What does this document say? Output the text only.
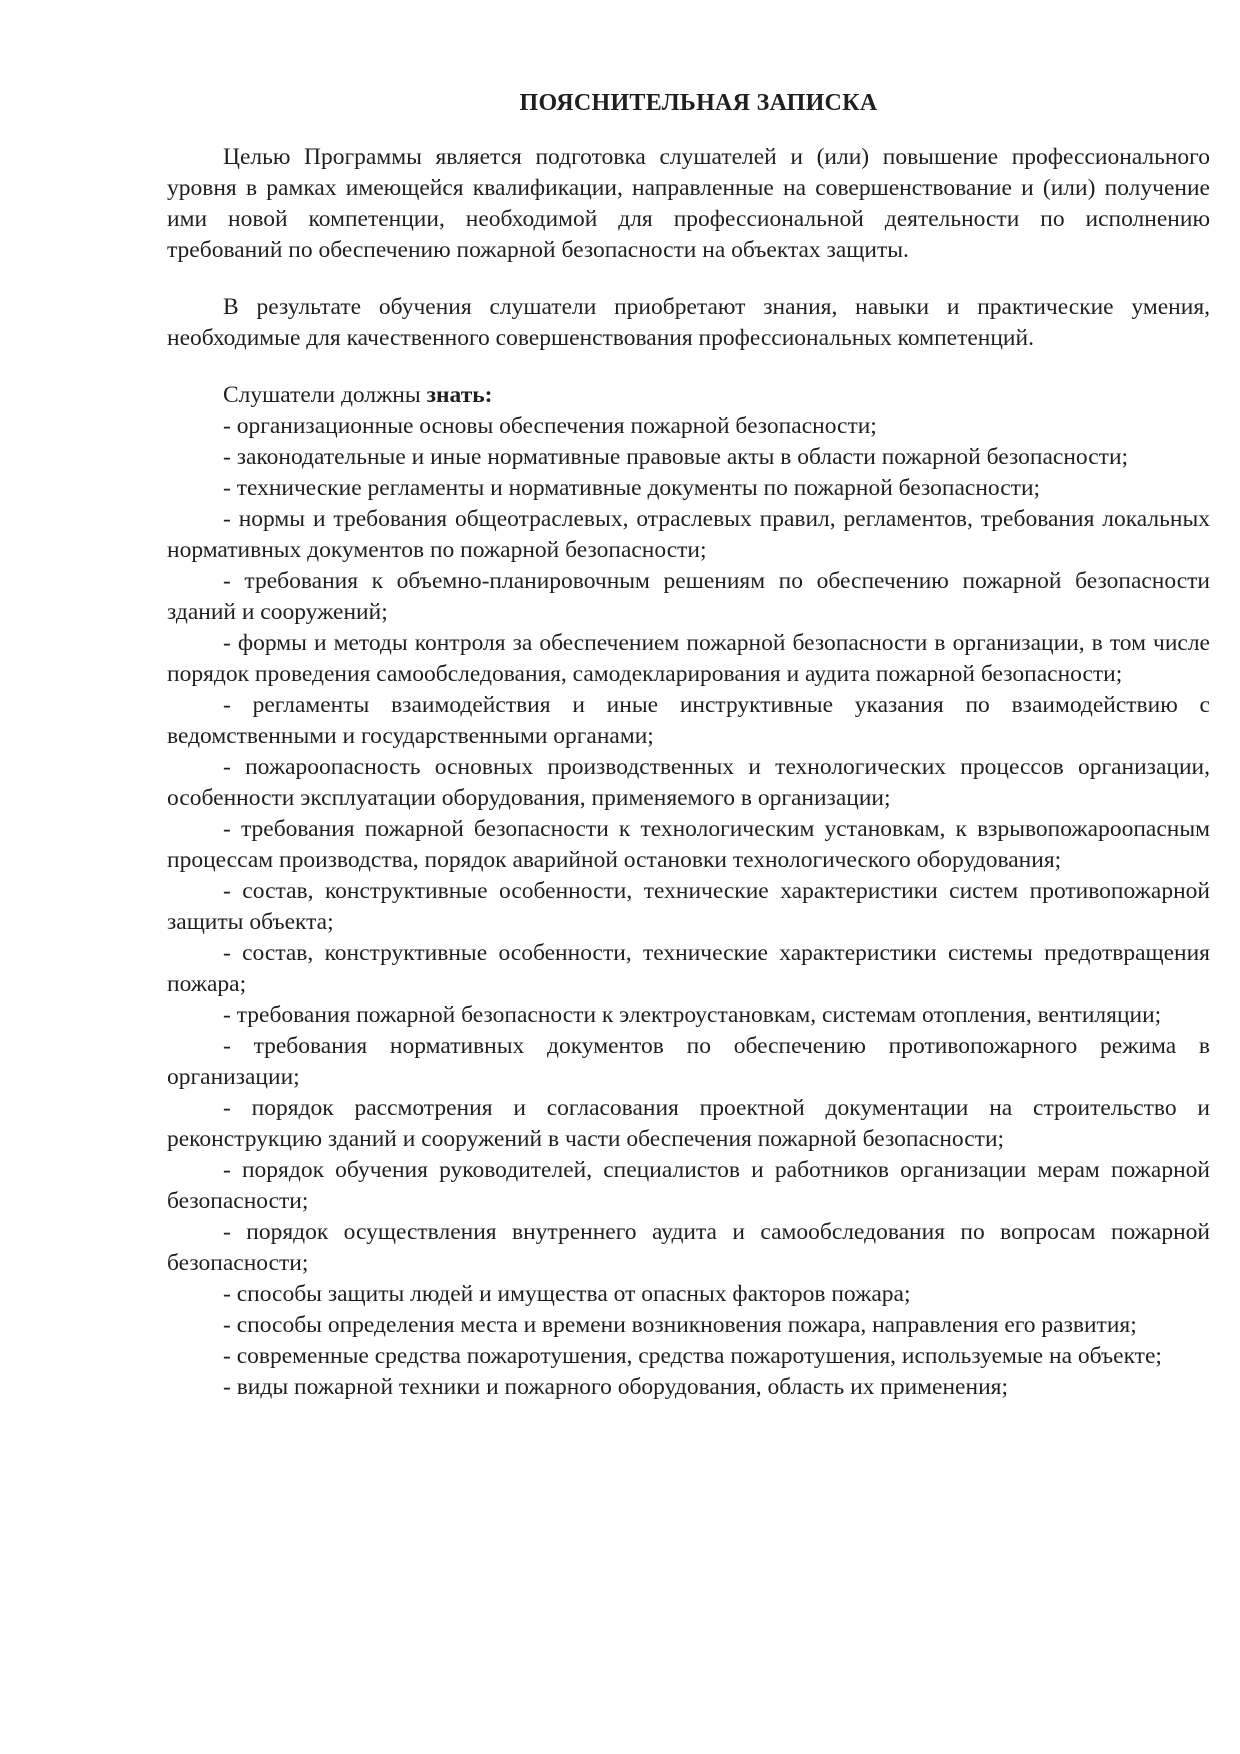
ПОЯСНИТЕЛЬНАЯ ЗАПИСКА

Целью Программы является подготовка слушателей и (или) повышение профессионального уровня в рамках имеющейся квалификации, направленные на совершенствование и (или) получение ими новой компетенции, необходимой для профессиональной деятельности по исполнению требований по обеспечению пожарной безопасности на объектах защиты.

В результате обучения слушатели приобретают знания, навыки и практические умения, необходимые для качественного совершенствования профессиональных компетенций.

Слушатели должны знать:

- организационные основы обеспечения пожарной безопасности;

- законодательные и иные нормативные правовые акты в области пожарной безопасности;

- технические регламенты и нормативные документы по пожарной безопасности;

- нормы и требования общеотраслевых, отраслевых правил, регламентов, требования локальных нормативных документов по пожарной безопасности;

- требования к объемно-планировочным решениям по обеспечению пожарной безопасности зданий и сооружений;

- формы и методы контроля за обеспечением пожарной безопасности в организации, в том числе порядок проведения самообследования, самодекларирования и аудита пожарной безопасности;

- регламенты взаимодействия и иные инструктивные указания по взаимодействию с ведомственными и государственными органами;

- пожароопасность основных производственных и технологических процессов организации, особенности эксплуатации оборудования, применяемого в организации;

- требования пожарной безопасности к технологическим установкам, к взрывопожароопасным процессам производства, порядок аварийной остановки технологического оборудования;

- состав, конструктивные особенности, технические характеристики систем противопожарной защиты объекта;

- состав, конструктивные особенности, технические характеристики системы предотвращения пожара;

- требования пожарной безопасности к электроустановкам, системам отопления, вентиляции;

- требования нормативных документов по обеспечению противопожарного режима в организации;

- порядок рассмотрения и согласования проектной документации на строительство и реконструкцию зданий и сооружений в части обеспечения пожарной безопасности;

- порядок обучения руководителей, специалистов и работников организации мерам пожарной безопасности;

- порядок осуществления внутреннего аудита и самообследования по вопросам пожарной безопасности;

- способы защиты людей и имущества от опасных факторов пожара;

- способы определения места и времени возникновения пожара, направления его развития;

- современные средства пожаротушения, средства пожаротушения, используемые на объекте;

- виды пожарной техники и пожарного оборудования, область их применения;
